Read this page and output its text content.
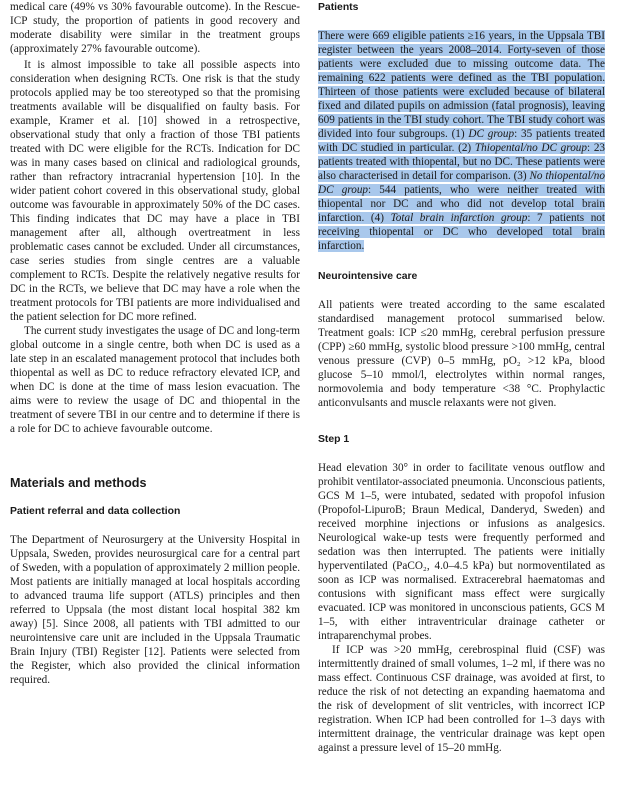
medical care (49% vs 30% favourable outcome). In the Rescue-ICP study, the proportion of patients in good recovery and moderate disability were similar in the treatment groups (approximately 27% favourable outcome).

It is almost impossible to take all possible aspects into consideration when designing RCTs. One risk is that the study protocols applied may be too stereotyped so that the promising treatments available will be disqualified on faulty basis. For example, Kramer et al. [10] showed in a retrospective, observational study that only a fraction of those TBI patients treated with DC were eligible for the RCTs. Indication for DC was in many cases based on clinical and radiological grounds, rather than refractory intracranial hypertension [10]. In the wider patient cohort covered in this observational study, global outcome was favourable in approximately 50% of the DC cases. This finding indicates that DC may have a place in TBI management after all, although overtreatment in less problematic cases cannot be excluded. Under all circumstances, case series studies from single centres are a valuable complement to RCTs. Despite the relatively negative results for DC in the RCTs, we believe that DC may have a role when the treatment protocols for TBI patients are more individualised and the patient selection for DC more refined.

The current study investigates the usage of DC and long-term global outcome in a single centre, both when DC is used as a late step in an escalated management protocol that includes both thiopental as well as DC to reduce refractory elevated ICP, and when DC is done at the time of mass lesion evacuation. The aims were to review the usage of DC and thiopental in the treatment of severe TBI in our centre and to determine if there is a role for DC to achieve favourable outcome.

Materials and methods
Patient referral and data collection

The Department of Neurosurgery at the University Hospital in Uppsala, Sweden, provides neurosurgical care for a central part of Sweden, with a population of approximately 2 million people. Most patients are initially managed at local hospitals according to advanced trauma life support (ATLS) principles and then referred to Uppsala (the most distant local hospital 382 km away) [5]. Since 2008, all patients with TBI admitted to our neurointensive care unit are included in the Uppsala Traumatic Brain Injury (TBI) Register [12]. Patients were selected from the Register, which also provided the clinical information required.

Patients

There were 669 eligible patients ≥16 years, in the Uppsala TBI register between the years 2008–2014. Forty-seven of those patients were excluded due to missing outcome data. The remaining 622 patients were defined as the TBI population. Thirteen of those patients were excluded because of bilateral fixed and dilated pupils on admission (fatal prognosis), leaving 609 patients in the TBI study cohort. The TBI study cohort was divided into four subgroups. (1) DC group: 35 patients treated with DC studied in particular. (2) Thiopental/no DC group: 23 patients treated with thiopental, but no DC. These patients were also characterised in detail for comparison. (3) No thiopental/no DC group: 544 patients, who were neither treated with thiopental nor DC and who did not develop total brain infarction. (4) Total brain infarction group: 7 patients not receiving thiopental or DC who developed total brain infarction.

Neurointensive care

All patients were treated according to the same escalated standardised management protocol summarised below. Treatment goals: ICP ≤20 mmHg, cerebral perfusion pressure (CPP) ≥60 mmHg, systolic blood pressure >100 mmHg, central venous pressure (CVP) 0–5 mmHg, pO₂ >12 kPa, blood glucose 5–10 mmol/l, electrolytes within normal ranges, normovolemia and body temperature <38 °C. Prophylactic anticonvulsants and muscle relaxants were not given.

Step 1

Head elevation 30° in order to facilitate venous outflow and prohibit ventilator-associated pneumonia. Unconscious patients, GCS M 1–5, were intubated, sedated with propofol infusion (Propofol-LipuroB; Braun Medical, Danderyd, Sweden) and received morphine injections or infusions as analgesics. Neurological wake-up tests were frequently performed and sedation was then interrupted. The patients were initially hyperventilated (PaCO₂, 4.0–4.5 kPa) but normoventilated as soon as ICP was normalised. Extracerebral haematomas and contusions with significant mass effect were surgically evacuated. ICP was monitored in unconscious patients, GCS M 1–5, with either intraventricular drainage catheter or intraparenchymal probes.

If ICP was >20 mmHg, cerebrospinal fluid (CSF) was intermittently drained of small volumes, 1–2 ml, if there was no mass effect. Continuous CSF drainage, was avoided at first, to reduce the risk of not detecting an expanding haematoma and the risk of development of slit ventricles, with incorrect ICP registration. When ICP had been controlled for 1–3 days with intermittent drainage, the ventricular drainage was kept open against a pressure level of 15–20 mmHg.
